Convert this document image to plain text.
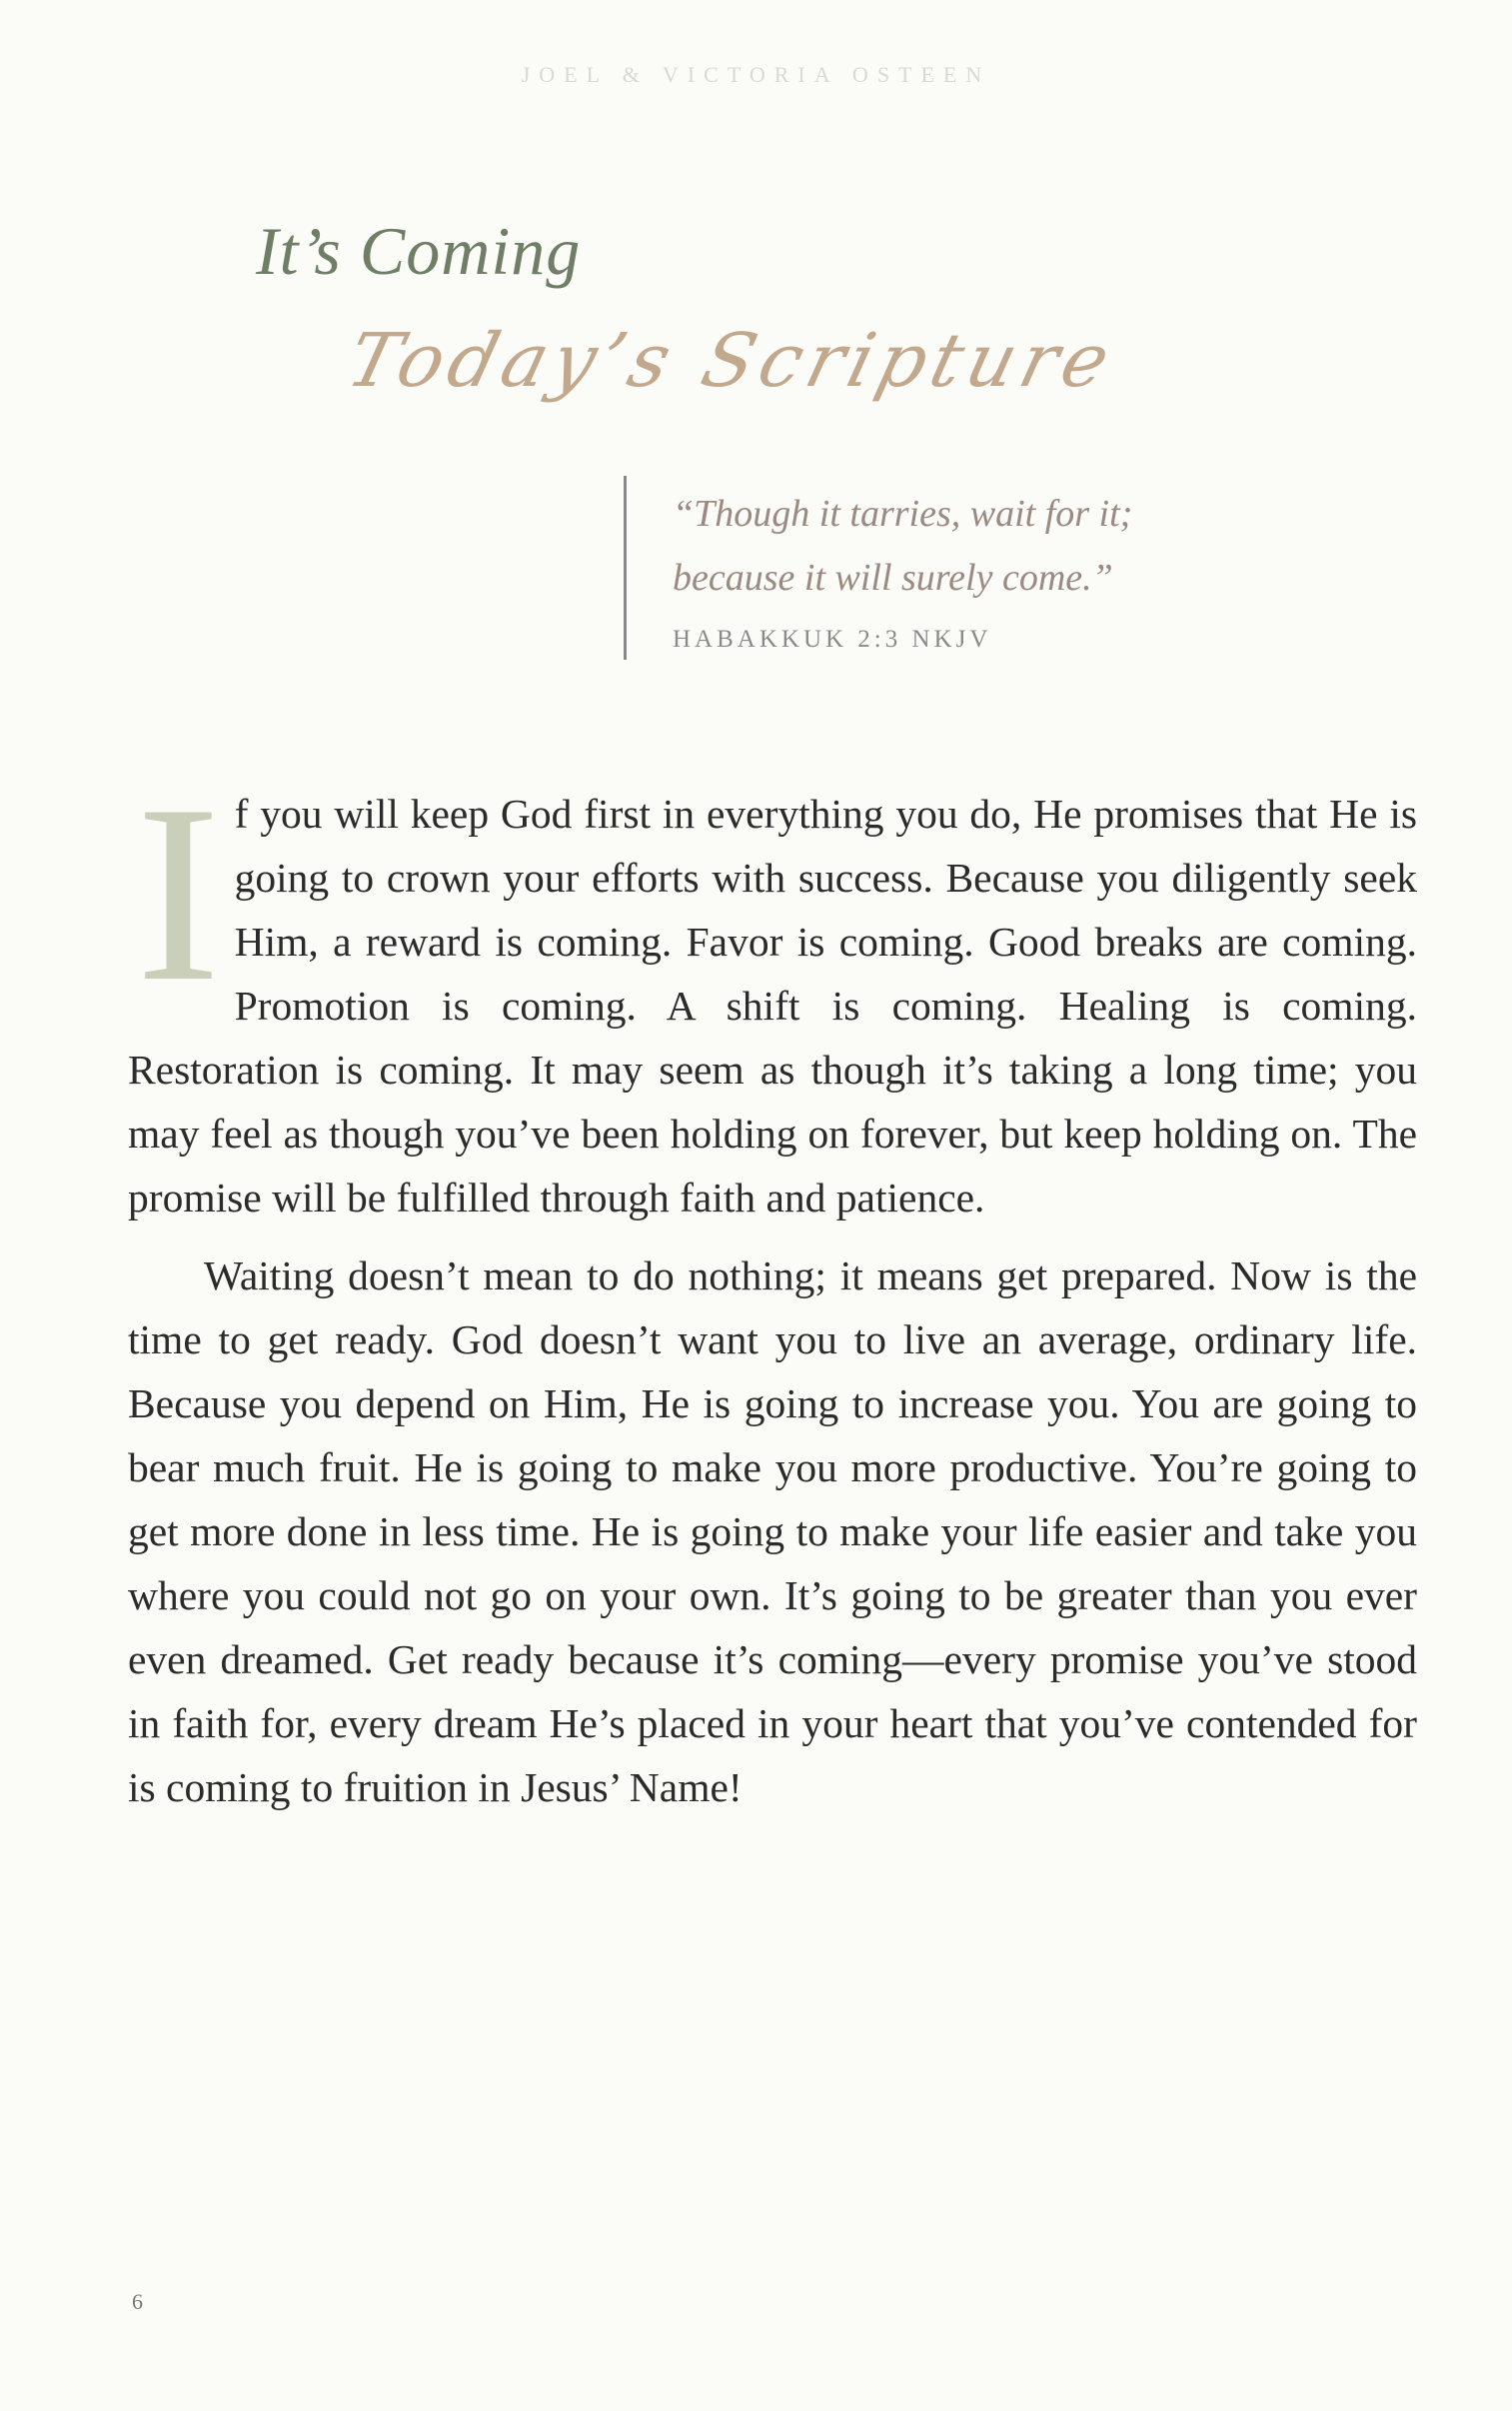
JOEL & VICTORIA OSTEEN
It’s Coming
Today’s Scripture

“Though it tarries, wait for it;

because it will surely come.”

HABAKKUK 2:3 NKJV

If you will keep God first in everything you do, He promises that He is going to crown your efforts with success. Because you diligently seek Him, a reward is coming. Favor is coming. Good breaks are coming. Promotion is coming. A shift is coming. Healing is coming. Restoration is coming. It may seem as though it’s taking a long time; you may feel as though you’ve been holding on forever, but keep holding on. The promise will be fulfilled through faith and patience.

Waiting doesn’t mean to do nothing; it means get prepared. Now is the time to get ready. God doesn’t want you to live an average, ordinary life. Because you depend on Him, He is going to increase you. You are going to bear much fruit. He is going to make you more productive. You’re going to get more done in less time. He is going to make your life easier and take you where you could not go on your own. It’s going to be greater than you ever even dreamed. Get ready because it’s coming—every promise you’ve stood in faith for, every dream He’s placed in your heart that you’ve contended for is coming to fruition in Jesus’ Name!

6
